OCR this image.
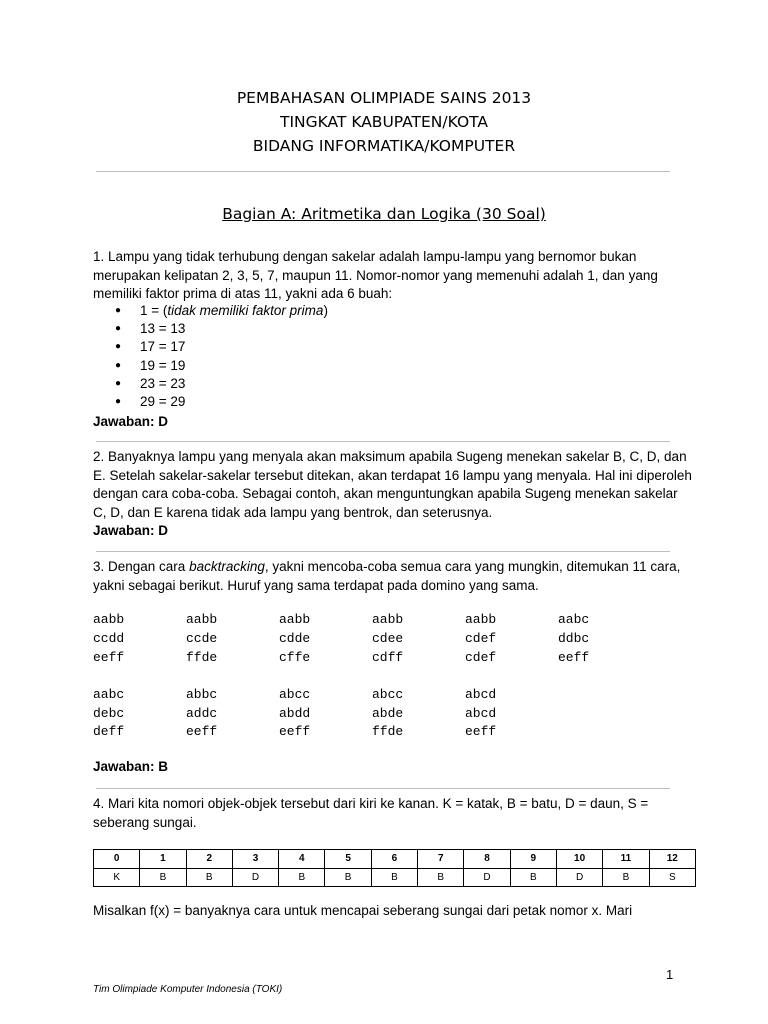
PEMBAHASAN OLIMPIADE SAINS 2013
TINGKAT KABUPATEN/KOTA
BIDANG INFORMATIKA/KOMPUTER
Bagian A: Aritmetika dan Logika (30 Soal)
1. Lampu yang tidak terhubung dengan sakelar adalah lampu-lampu yang bernomor bukan merupakan kelipatan 2, 3, 5, 7, maupun 11. Nomor-nomor yang memenuhi adalah 1, dan yang memiliki faktor prima di atas 11, yakni ada 6 buah:
● 1 = (tidak memiliki faktor prima)
● 13 = 13
● 17 = 17
● 19 = 19
● 23 = 23
● 29 = 29
Jawaban: D
2. Banyaknya lampu yang menyala akan maksimum apabila Sugeng menekan sakelar B, C, D, dan E. Setelah sakelar-sakelar tersebut ditekan, akan terdapat 16 lampu yang menyala. Hal ini diperoleh dengan cara coba-coba. Sebagai contoh, akan menguntungkan apabila Sugeng menekan sakelar C, D, dan E karena tidak ada lampu yang bentrok, dan seterusnya.
Jawaban: D
3. Dengan cara backtracking, yakni mencoba-coba semua cara yang mungkin, ditemukan 11 cara, yakni sebagai berikut. Huruf yang sama terdapat pada domino yang sama.
aabb	aabb	aabb	aabb	aabb	aabc
ccdd	ccde	cdde	cdee	cdef	ddbc
eeff	ffde	cffe	cdff	cdef	eeff
aabc	abbc	abcc	abcc	abcd
debc	addc	abdd	abde	abcd
deff	eeff	eeff	ffde	eeff
Jawaban: B
4. Mari kita nomori objek-objek tersebut dari kiri ke kanan. K = katak, B = batu, D = daun, S = seberang sungai.
0	1	2	3	4	5	6	7	8	9	10	11	12
K	B	B	D	B	B	B	B	D	B	D	B	S
Misalkan f(x) = banyaknya cara untuk mencapai seberang sungai dari petak nomor x. Mari
1
Tim Olimpiade Komputer Indonesia (TOKI)
